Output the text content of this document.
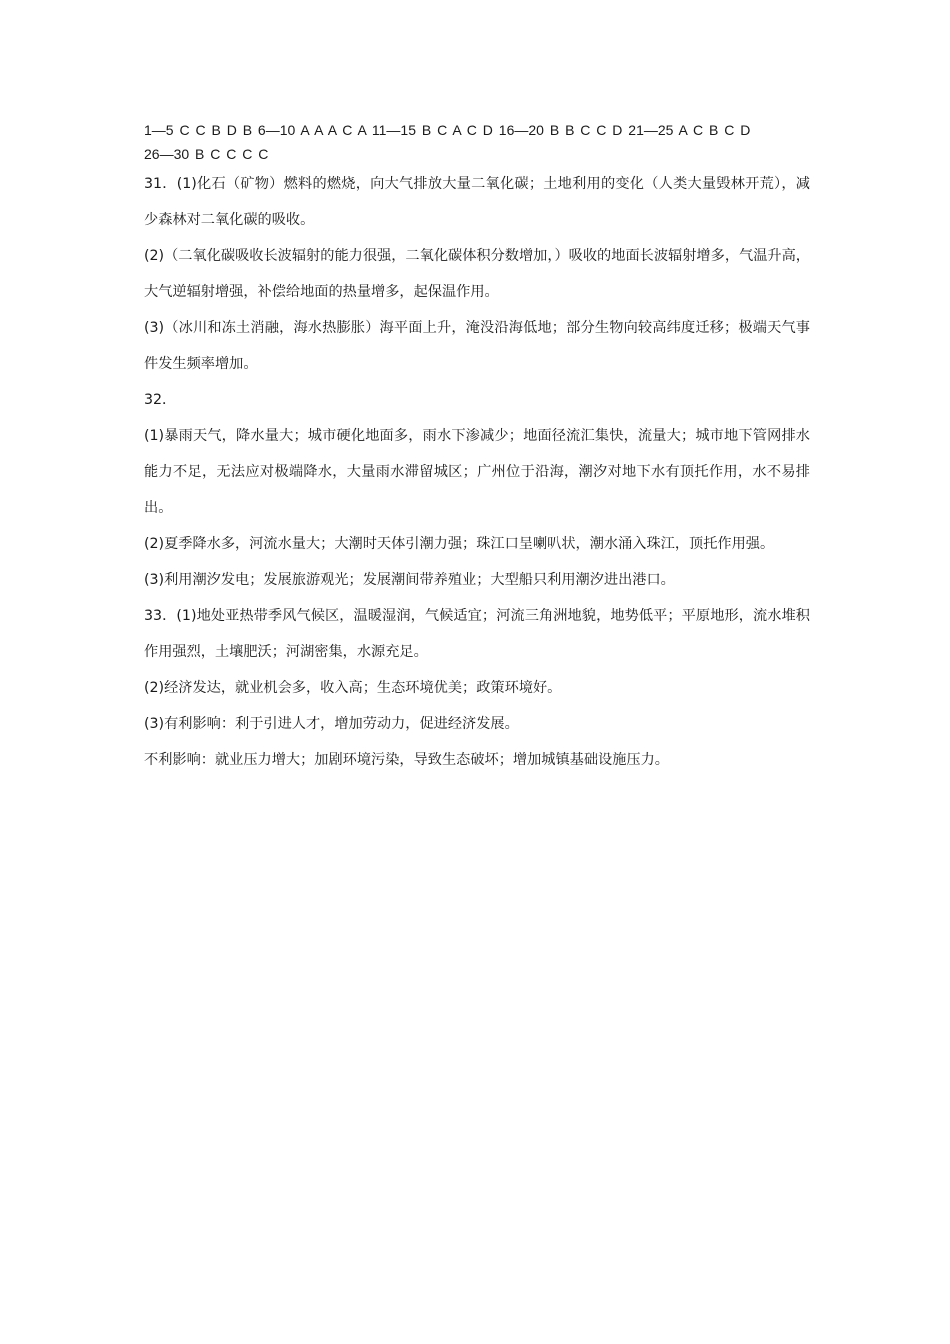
1—5 C C B D B 6—10 A A A C A 11—15 B C A C D 16—20 B B C C D 21—25 A C B C D

26—30 B C C C C

31．(1)化石（矿物）燃料的燃烧，向大气排放大量二氧化碳；土地利用的变化（人类大量毁林开荒），减少森林对二氧化碳的吸收。

(2)（二氧化碳吸收长波辐射的能力很强，二氧化碳体积分数增加，）吸收的地面长波辐射增多，气温升高，大气逆辐射增强，补偿给地面的热量增多，起保温作用。

(3)（冰川和冻土消融，海水热膨胀）海平面上升，淹没沿海低地；部分生物向较高纬度迁移；极端天气事件发生频率增加。

32．

(1)暴雨天气，降水量大；城市硬化地面多，雨水下渗减少；地面径流汇集快，流量大；城市地下管网排水能力不足，无法应对极端降水，大量雨水滞留城区；广州位于沿海，潮汐对地下水有顶托作用，水不易排出。

(2)夏季降水多，河流水量大；大潮时天体引潮力强；珠江口呈喇叭状，潮水涌入珠江，顶托作用强。

(3)利用潮汐发电；发展旅游观光；发展潮间带养殖业；大型船只利用潮汐进出港口。

33．(1)地处亚热带季风气候区，温暖湿润，气候适宜；河流三角洲地貌，地势低平；平原地形，流水堆积作用强烈，土壤肥沃；河湖密集，水源充足。

(2)经济发达，就业机会多，收入高；生态环境优美；政策环境好。

(3)有利影响：利于引进人才，增加劳动力，促进经济发展。

不利影响：就业压力增大；加剧环境污染，导致生态破坏；增加城镇基础设施压力。
